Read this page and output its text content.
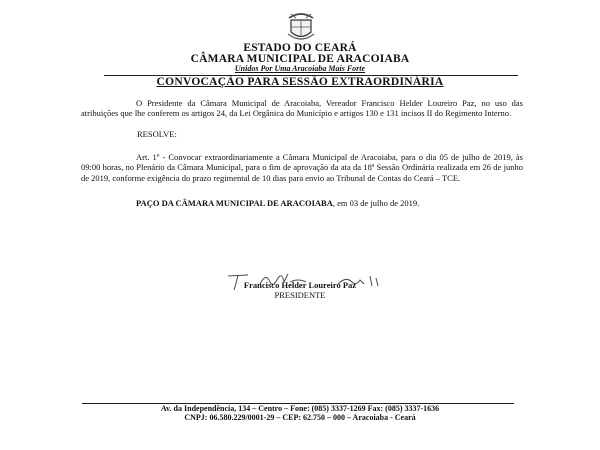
ESTADO DO CEARÁ
CÂMARA MUNICIPAL DE ARACOIABA
Unidos Por Uma Aracoiaba Mais Forte
CONVOCAÇÃO PARA SESSÃO EXTRAORDINÁRIA
O Presidente da Câmara Municipal de Aracoiaba, Vereador Francisco Helder Loureiro Paz, no uso das atribuições que lhe conferem os artigos 24, da Lei Orgânica do Município e artigos 130 e 131 incisos II do Regimento Interno.
RESOLVE:
Art. 1º - Convocar extraordinariamente a Câmara Municipal de Aracoiaba, para o dia 05 de julho de 2019, às 09:00 horas, no Plenário da Câmara Municipal, para o fim de aprovação da ata da 18ª Sessão Ordinária realizada em 26 de junho de 2019, conforme exigência do prazo regimental de 10 dias para envio ao Tribunal de Contas do Ceará – TCE.
PAÇO DA CÂMARA MUNICIPAL DE ARACOIABA, em 03 de julho de 2019.
Francisco Helder Loureiro Paz
PRESIDENTE
Av. da Independência, 134 – Centro – Fone: (085) 3337-1269 Fax: (085) 3337-1636
CNPJ: 06.580.229/0001-29 – CEP: 62.750 – 000 – Aracoiaba - Ceará
